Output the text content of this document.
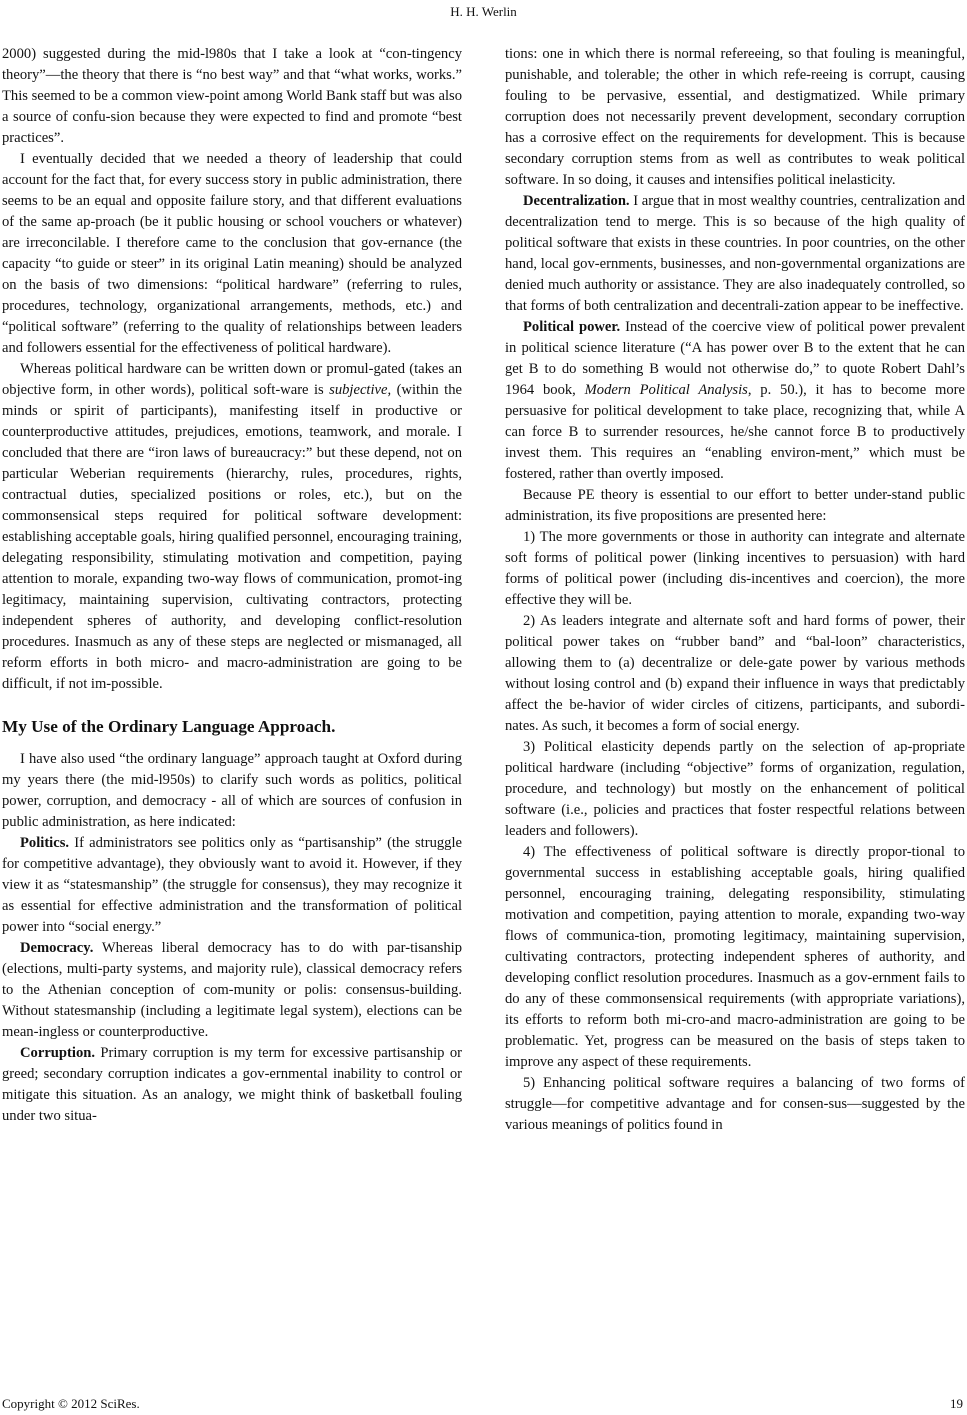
H. H. Werlin

2000) suggested during the mid-l980s that I take a look at “con-tingency theory”—the theory that there is “no best way” and that “what works, works.” This seemed to be a common view-point among World Bank staff but was also a source of confu-sion because they were expected to find and promote “best practices”.

I eventually decided that we needed a theory of leadership that could account for the fact that, for every success story in public administration, there seems to be an equal and opposite failure story, and that different evaluations of the same ap-proach (be it public housing or school vouchers or whatever) are irreconcilable. I therefore came to the conclusion that gov-ernance (the capacity “to guide or steer” in its original Latin meaning) should be analyzed on the basis of two dimensions: “political hardware” (referring to rules, procedures, technology, organizational arrangements, methods, etc.) and “political software” (referring to the quality of relationships between leaders and followers essential for the effectiveness of political hardware).

Whereas political hardware can be written down or promul-gated (takes an objective form, in other words), political soft-ware is subjective, (within the minds or spirit of participants), manifesting itself in productive or counterproductive attitudes, prejudices, emotions, teamwork, and morale. I concluded that there are “iron laws of bureaucracy:” but these depend, not on particular Weberian requirements (hierarchy, rules, procedures, rights, contractual duties, specialized positions or roles, etc.), but on the commonsensical steps required for political software development: establishing acceptable goals, hiring qualified personnel, encouraging training, delegating responsibility, stimulating motivation and competition, paying attention to morale, expanding two-way flows of communication, promot-ing legitimacy, maintaining supervision, cultivating contractors, protecting independent spheres of authority, and developing conflict-resolution procedures. Inasmuch as any of these steps are neglected or mismanaged, all reform efforts in both micro- and macro-administration are going to be difficult, if not im-possible.

My Use of the Ordinary Language Approach.

I have also used “the ordinary language” approach taught at Oxford during my years there (the mid-l950s) to clarify such words as politics, political power, corruption, and democracy - all of which are sources of confusion in public administration, as here indicated:

Politics. If administrators see politics only as “partisanship” (the struggle for competitive advantage), they obviously want to avoid it. However, if they view it as “statesmanship” (the struggle for consensus), they may recognize it as essential for effective administration and the transformation of political power into “social energy.”

Democracy. Whereas liberal democracy has to do with par-tisanship (elections, multi-party systems, and majority rule), classical democracy refers to the Athenian conception of com-munity or polis: consensus-building. Without statesmanship (including a legitimate legal system), elections can be mean-ingless or counterproductive.

Corruption. Primary corruption is my term for excessive partisanship or greed; secondary corruption indicates a gov-ernmental inability to control or mitigate this situation. As an analogy, we might think of basketball fouling under two situa-

tions: one in which there is normal refereeing, so that fouling is meaningful, punishable, and tolerable; the other in which refe-reeing is corrupt, causing fouling to be pervasive, essential, and destigmatized. While primary corruption does not necessarily prevent development, secondary corruption has a corrosive effect on the requirements for development. This is because secondary corruption stems from as well as contributes to weak political software. In so doing, it causes and intensifies political inelasticity.

Decentralization. I argue that in most wealthy countries, centralization and decentralization tend to merge. This is so because of the high quality of political software that exists in these countries. In poor countries, on the other hand, local gov-ernments, businesses, and non-governmental organizations are denied much authority or assistance. They are also inadequately controlled, so that forms of both centralization and decentrali-zation appear to be ineffective.

Political power. Instead of the coercive view of political power prevalent in political science literature (“A has power over B to the extent that he can get B to do something B would not otherwise do,” to quote Robert Dahl’s 1964 book, Modern Political Analysis, p. 50.), it has to become more persuasive for political development to take place, recognizing that, while A can force B to surrender resources, he/she cannot force B to productively invest them. This requires an “enabling environ-ment,” which must be fostered, rather than overtly imposed.

Because PE theory is essential to our effort to better under-stand public administration, its five propositions are presented here:

1) The more governments or those in authority can integrate and alternate soft forms of political power (linking incentives to persuasion) with hard forms of political power (including dis-incentives and coercion), the more effective they will be.

2) As leaders integrate and alternate soft and hard forms of power, their political power takes on “rubber band” and “bal-loon” characteristics, allowing them to (a) decentralize or dele-gate power by various methods without losing control and (b) expand their influence in ways that predictably affect the be-havior of wider circles of citizens, participants, and subordi-nates. As such, it becomes a form of social energy.

3) Political elasticity depends partly on the selection of ap-propriate political hardware (including “objective” forms of organization, regulation, procedure, and technology) but mostly on the enhancement of political software (i.e., policies and practices that foster respectful relations between leaders and followers).

4) The effectiveness of political software is directly propor-tional to governmental success in establishing acceptable goals, hiring qualified personnel, encouraging training, delegating responsibility, stimulating motivation and competition, paying attention to morale, expanding two-way flows of communica-tion, promoting legitimacy, maintaining supervision, cultivating contractors, protecting independent spheres of authority, and developing conflict resolution procedures. Inasmuch as a gov-ernment fails to do any of these commonsensical requirements (with appropriate variations), its efforts to reform both mi-cro-and macro-administration are going to be problematic. Yet, progress can be measured on the basis of steps taken to improve any aspect of these requirements.

5) Enhancing political software requires a balancing of two forms of struggle—for competitive advantage and for consen-sus—suggested by the various meanings of politics found in

Copyright © 2012 SciRes.	19
